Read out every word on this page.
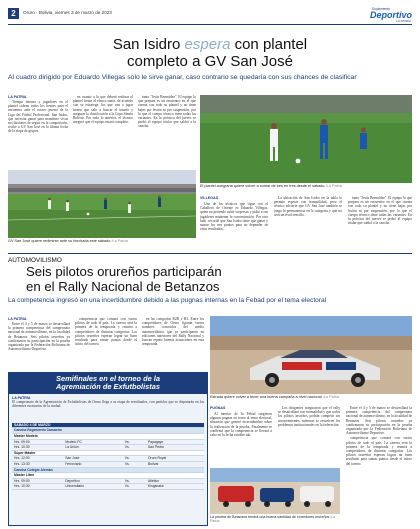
2	Oruro - Bolivia, viernes 3 de marzo de 2023
Suplemento
Deportivo
LA PATRIA
San Isidro espera con plantel
completo a GV San José
Al cuadro dirigido por Eduardo Villegas solo le sirve ganar, caso contrario se quedaría con sus chances de clasificar
LA PATRIA

Tiempo intenso y jugadores en el plantel cubren todos los frentes para el encuentro ante el octavo puesto de la Liga del Fútbol Profesional. San Isidro, que necesita ganar para mantener vivas sus ilusiones de seguir en la competición, recibe a GV San José en la última fecha de la etapa de grupos.

en cuanto a lo que deberá realizar el plantel frente al elenco santo, de acuerdo con su estratega, los que van a jugar tienen que salir a buscar el triunfo y asegurar la clasificación a la Copa Simón Bolívar. Por todo lo anterior, el técnico aseguró que el equipo estará completo.

tanto "Jesús Bermúdez". El equipo lo que prepara es un encuentro en el que cuenta con todo su plantel y no tiene bajas por lesión ni por suspensión, por lo que el cuerpo técnico tiene todas las variantes. En la práctica del jueves se probó el equipo titular que saldrá a la cancha.

GV San José quiere redimirse ante su hinchada este sábado /La Patria
El plantel aurigrana quiere volver a sumar de tres en tres desde el sábado /La Patria
VILLEGAS

Uno de los técnicos que sigue con el Caballero de Oriente es Eduardo Villegas, quien no pretende sufrir sorpresas y pidió a sus jugadores mantener la concentración. Por otro lado, recordó que San Isidro tiene que ganar y sumar los tres puntos para no depender de otros resultados.

La ubicación de San Isidro en la tabla le permite esperar con tranquilidad, pero el técnico advierte que GV San José también se juega la permanencia en la categoría y que no será un rival sencillo.

tanto "Jesús Bermúdez". El equipo lo que prepara es un encuentro en el que cuenta con todo su plantel y no tiene bajas por lesión ni por suspensión, por lo que el cuerpo técnico tiene todas las variantes. En la práctica del jueves se probó el equipo titular que saldrá a la cancha.

AUTOMOVILISMO
Seis pilotos orureños participarán
en el Rally Nacional de Betanzos
La competencia ingresó en una incertidumbre debido a las pugnas internas en la Febad por el tema electoral
LA PATRIA

Entre el 4 y 5 de marzo se desarrollará la primera competencia del campeonato nacional de automovilismo, en la localidad de Betanzos. Seis pilotos orureños ya confirmaron su participación en la prueba organizada por la Federación Boliviana de Automovilismo Deportivo.

competencia que contará con varios pilotos de todo el país. La carrera será la primera de la temporada y reunirá a competidores de distintas categorías. Los pilotos orureños esperan lograr un buen resultado para sumar puntos desde el inicio del torneo.

en las categorías R2B y R3. Entre los competidores de Oruro figuran varios nombres conocidos del medio automovilístico que ya participaron en ediciones anteriores del Rally Nacional y buscan repetir buenas actuaciones en esta temporada.

Estrada quiere volver a tener una buena campaña a nivel nacional /La Patria
Semifinales en el torneo de la
Agremiación de Exfutbolistas
LA PATRIA
El campeonato de la Agremiación de Exfutbolistas de Oruro llega a su etapa de semifinales, con partidos que se disputarán en los diferentes escenarios de la ciudad.
SÁBADO 4 DE MARZO			
Cancha Regimiento Camacho			
Master Modelo			
Hrs. 09:00	Modelo FC	Vs.	Papagayo
Hrs. 10:30	La Unión	Vs.	San Pedro
Súper Máster			
Hrs. 12:00	San José	Vs.	Oruro Royal
Hrs. 13:30	Ferroviario	Vs.	Bolívar
Cancha Colegio Alemán			
Máster Libre			
Hrs. 09:00	Deportivo	Vs.	Atlético
Hrs. 10:30	Universitario	Vs.	Kingsnake
PUGNAS

Al interior de la Febad surgieron algunas pugnas en torno al tema electoral, situación que generó incertidumbre sobre la realización de la prueba. Finalmente se confirmó que la competencia se llevará a cabo en la fecha establecida.

Los dirigentes aseguraron que el rally se desarrollará con normalidad y que todos los pilotos inscritos podrán competir sin inconvenientes, mientras se resuelven los problemas institucionales en la federación.

Entre el 4 y 5 de marzo se desarrollará la primera competencia del campeonato nacional de automovilismo, en la localidad de Betanzos. Seis pilotos orureños ya confirmaron su participación en la prueba organizada por la Federación Boliviana de Automovilismo Deportivo.

competencia que contará con varios pilotos de todo el país. La carrera será la primera de la temporada y reunirá a competidores de distintas categorías. Los pilotos orureños esperan lograr un buen resultado para sumar puntos desde el inicio del torneo.

La prueba de Betanzos tendrá una buena cantidad de corredores orureños /La Patria
